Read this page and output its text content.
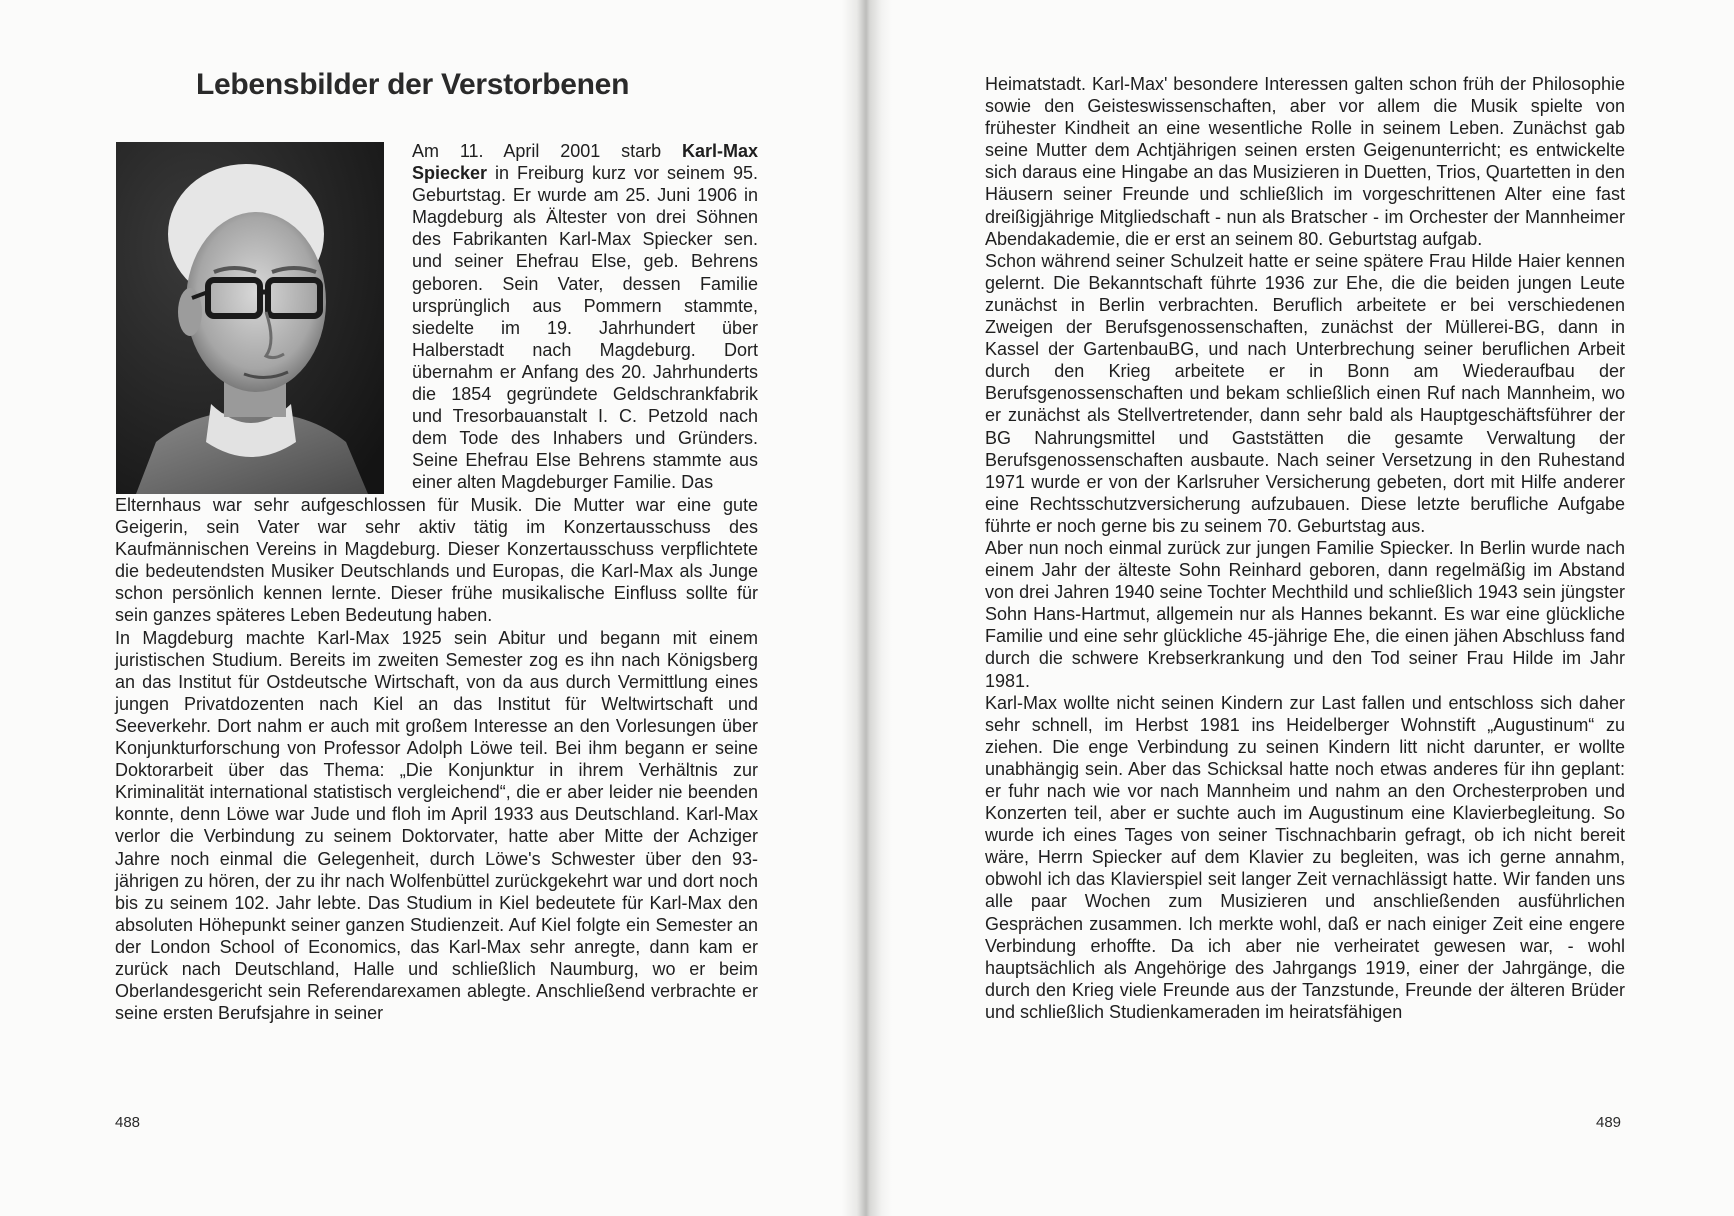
Lebensbilder der Verstorbenen

Am 11. April 2001 starb Karl-Max Spiecker in Freiburg kurz vor seinem 95. Geburtstag. Er wurde am 25. Juni 1906 in Magdeburg als Ältester von drei Söhnen des Fabrikanten Karl-Max Spiecker sen. und seiner Ehefrau Else, geb. Behrens geboren. Sein Vater, dessen Familie ursprünglich aus Pommern stammte, siedelte im 19. Jahrhundert über Halberstadt nach Magdeburg. Dort übernahm er Anfang des 20. Jahrhunderts die 1854 gegründete Geldschrankfabrik und Tresorbauanstalt I. C. Petzold nach dem Tode des Inhabers und Gründers. Seine Ehefrau Else Behrens stammte aus einer alten Magdeburger Familie. Das

Elternhaus war sehr aufgeschlossen für Musik. Die Mutter war eine gute Geigerin, sein Vater war sehr aktiv tätig im Konzertausschuss des Kaufmännischen Vereins in Magdeburg. Dieser Konzertausschuss verpflichtete die bedeutendsten Musiker Deutschlands und Europas, die Karl-Max als Junge schon persönlich kennen lernte. Dieser frühe musikalische Einfluss sollte für sein ganzes späteres Leben Bedeutung haben.

In Magdeburg machte Karl-Max 1925 sein Abitur und begann mit einem juristischen Studium. Bereits im zweiten Semester zog es ihn nach Königsberg an das Institut für Ostdeutsche Wirtschaft, von da aus durch Vermittlung eines jungen Privatdozenten nach Kiel an das Institut für Weltwirtschaft und Seeverkehr. Dort nahm er auch mit großem Interesse an den Vorlesungen über Konjunkturforschung von Professor Adolph Löwe teil. Bei ihm begann er seine Doktorarbeit über das Thema: „Die Konjunktur in ihrem Verhältnis zur Kriminalität international statistisch vergleichend“, die er aber leider nie beenden konnte, denn Löwe war Jude und floh im April 1933 aus Deutschland. Karl-Max verlor die Verbindung zu seinem Doktorvater, hatte aber Mitte der Achziger Jahre noch einmal die Gelegenheit, durch Löwe's Schwester über den 93-jährigen zu hören, der zu ihr nach Wolfenbüttel zurückgekehrt war und dort noch bis zu seinem 102. Jahr lebte. Das Studium in Kiel bedeutete für Karl-Max den absoluten Höhepunkt seiner ganzen Studienzeit. Auf Kiel folgte ein Semester an der London School of Economics, das Karl-Max sehr anregte, dann kam er zurück nach Deutschland, Halle und schließlich Naumburg, wo er beim Oberlandesgericht sein Referendarexamen ablegte. Anschließend verbrachte er seine ersten Berufsjahre in seiner

488

Heimatstadt. Karl-Max' besondere Interessen galten schon früh der Philosophie sowie den Geisteswissenschaften, aber vor allem die Musik spielte von frühester Kindheit an eine wesentliche Rolle in seinem Leben. Zunächst gab seine Mutter dem Achtjährigen seinen ersten Geigenunterricht; es entwickelte sich daraus eine Hingabe an das Musizieren in Duetten, Trios, Quartetten in den Häusern seiner Freunde und schließlich im vorgeschrittenen Alter eine fast dreißigjährige Mitgliedschaft - nun als Bratscher - im Orchester der Mannheimer Abendakademie, die er erst an seinem 80. Geburtstag aufgab.

Schon während seiner Schulzeit hatte er seine spätere Frau Hilde Haier kennen gelernt. Die Bekanntschaft führte 1936 zur Ehe, die die beiden jungen Leute zunächst in Berlin verbrachten. Beruflich arbeitete er bei verschiedenen Zweigen der Berufsgenossenschaften, zunächst der Müllerei-BG, dann in Kassel der GartenbauBG, und nach Unterbrechung seiner beruflichen Arbeit durch den Krieg arbeitete er in Bonn am Wiederaufbau der Berufsgenossenschaften und bekam schließlich einen Ruf nach Mannheim, wo er zunächst als Stellvertretender, dann sehr bald als Hauptgeschäftsführer der BG Nahrungsmittel und Gaststätten die gesamte Verwaltung der Berufsgenossenschaften ausbaute. Nach seiner Versetzung in den Ruhestand 1971 wurde er von der Karlsruher Versicherung gebeten, dort mit Hilfe anderer eine Rechtsschutzversicherung aufzubauen. Diese letzte berufliche Aufgabe führte er noch gerne bis zu seinem 70. Geburtstag aus.

Aber nun noch einmal zurück zur jungen Familie Spiecker. In Berlin wurde nach einem Jahr der älteste Sohn Reinhard geboren, dann regelmäßig im Abstand von drei Jahren 1940 seine Tochter Mechthild und schließlich 1943 sein jüngster Sohn Hans-Hartmut, allgemein nur als Hannes bekannt. Es war eine glückliche Familie und eine sehr glückliche 45-jährige Ehe, die einen jähen Abschluss fand durch die schwere Krebserkrankung und den Tod seiner Frau Hilde im Jahr 1981.

Karl-Max wollte nicht seinen Kindern zur Last fallen und entschloss sich daher sehr schnell, im Herbst 1981 ins Heidelberger Wohnstift „Augustinum“ zu ziehen. Die enge Verbindung zu seinen Kindern litt nicht darunter, er wollte unabhängig sein. Aber das Schicksal hatte noch etwas anderes für ihn geplant: er fuhr nach wie vor nach Mannheim und nahm an den Orchesterproben und Konzerten teil, aber er suchte auch im Augustinum eine Klavierbegleitung. So wurde ich eines Tages von seiner Tischnachbarin gefragt, ob ich nicht bereit wäre, Herrn Spiecker auf dem Klavier zu begleiten, was ich gerne annahm, obwohl ich das Klavierspiel seit langer Zeit vernachlässigt hatte. Wir fanden uns alle paar Wochen zum Musizieren und anschließenden ausführlichen Gesprächen zusammen. Ich merkte wohl, daß er nach einiger Zeit eine engere Verbindung erhoffte. Da ich aber nie verheiratet gewesen war, - wohl hauptsächlich als Angehörige des Jahrgangs 1919, einer der Jahrgänge, die durch den Krieg viele Freunde aus der Tanzstunde, Freunde der älteren Brüder und schließlich Studienkameraden im heiratsfähigen

489
